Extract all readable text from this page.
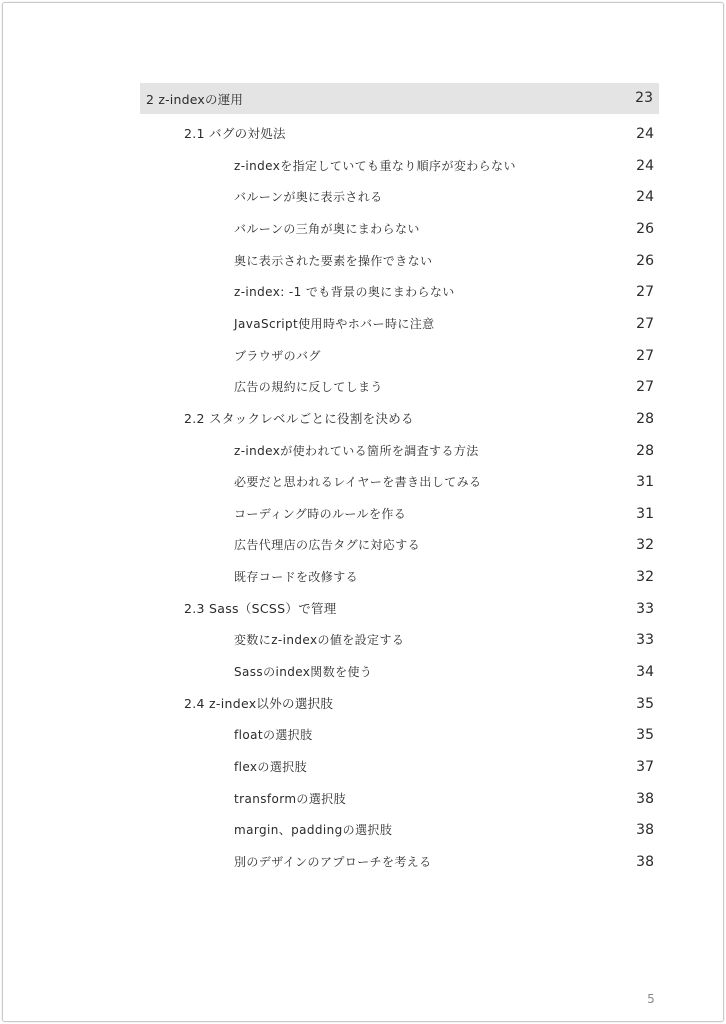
2 z-indexの運用	23
2.1 バグの対処法	24
z-indexを指定していても重なり順序が変わらない	24
バルーンが奥に表示される	24
バルーンの三角が奥にまわらない	26
奥に表示された要素を操作できない	26
z-index: -1 でも背景の奥にまわらない	27
JavaScript使用時やホバー時に注意	27
ブラウザのバグ	27
広告の規約に反してしまう	27
2.2 スタックレベルごとに役割を決める	28
z-indexが使われている箇所を調査する方法	28
必要だと思われるレイヤーを書き出してみる	31
コーディング時のルールを作る	31
広告代理店の広告タグに対応する	32
既存コードを改修する	32
2.3 Sass（SCSS）で管理	33
変数にz-indexの値を設定する	33
Sassのindex関数を使う	34
2.4 z-index以外の選択肢	35
floatの選択肢	35
flexの選択肢	37
transformの選択肢	38
margin、paddingの選択肢	38
別のデザインのアプローチを考える	38
5
